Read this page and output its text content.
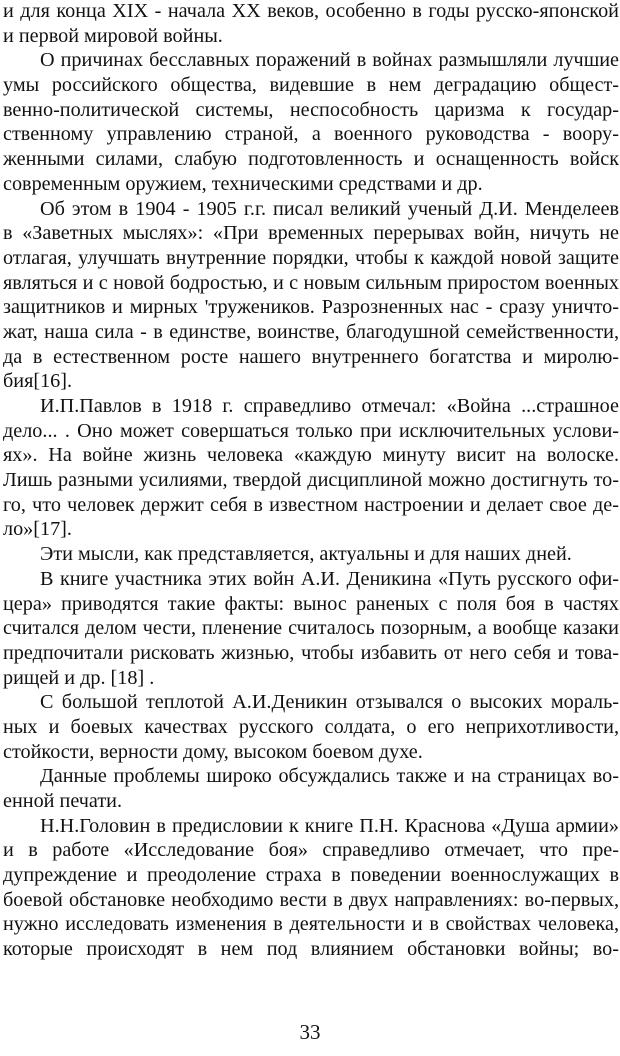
и для конца XIX - начала XX веков, особенно в годы русско-японской
и первой мировой войны.
О причинах бесславных поражений в войнах размышляли лучшие
умы российского общества, видевшие в нем деградацию общест-
венно-политической системы, неспособность царизма к государ-
ственному управлению страной, а военного руководства - воору-
женными силами, слабую подготовленность и оснащенность войск
современным оружием, техническими средствами и др.
Об этом в 1904 - 1905 г.г. писал великий ученый Д.И. Менделеев
в «Заветных мыслях»: «При временных перерывах войн, ничуть не
отлагая, улучшать внутренние порядки, чтобы к каждой новой защите
являться и с новой бодростью, и с новым сильным приростом военных
защитников и мирных 'тружеников. Разрозненных нас - сразу уничто-
жат, наша сила - в единстве, воинстве, благодушной семейственности,
да в естественном росте нашего внутреннего богатства и миролю-
бия[16].
И.П.Павлов в 1918 г. справедливо отмечал: «Война ...страшное
дело... . Оно может совершаться только при исключительных услови-
ях». На войне жизнь человека «каждую минуту висит на волоске.
Лишь разными усилиями, твердой дисциплиной можно достигнуть то-
го, что человек держит себя в известном настроении и делает свое де-
ло»[17].
Эти мысли, как представляется, актуальны и для наших дней.
В книге участника этих войн А.И. Деникина «Путь русского офи-
цера» приводятся такие факты: вынос раненых с поля боя в частях
считался делом чести, пленение считалось позорным, а вообще казаки
предпочитали рисковать жизнью, чтобы избавить от него себя и това-
рищей и др. [18] .
С большой теплотой А.И.Деникин отзывался о высоких мораль-
ных и боевых качествах русского солдата, о его неприхотливости,
стойкости, верности дому, высоком боевом духе.
Данные проблемы широко обсуждались также и на страницах во-
енной печати.
Н.Н.Головин в предисловии к книге П.Н. Краснова «Душа армии»
и в работе «Исследование боя» справедливо отмечает, что пре-
дупреждение и преодоление страха в поведении военнослужащих в
боевой обстановке необходимо вести в двух направлениях: во-первых,
нужно исследовать изменения в деятельности и в свойствах человека,
которые происходят в нем под влиянием обстановки войны; во-
33
